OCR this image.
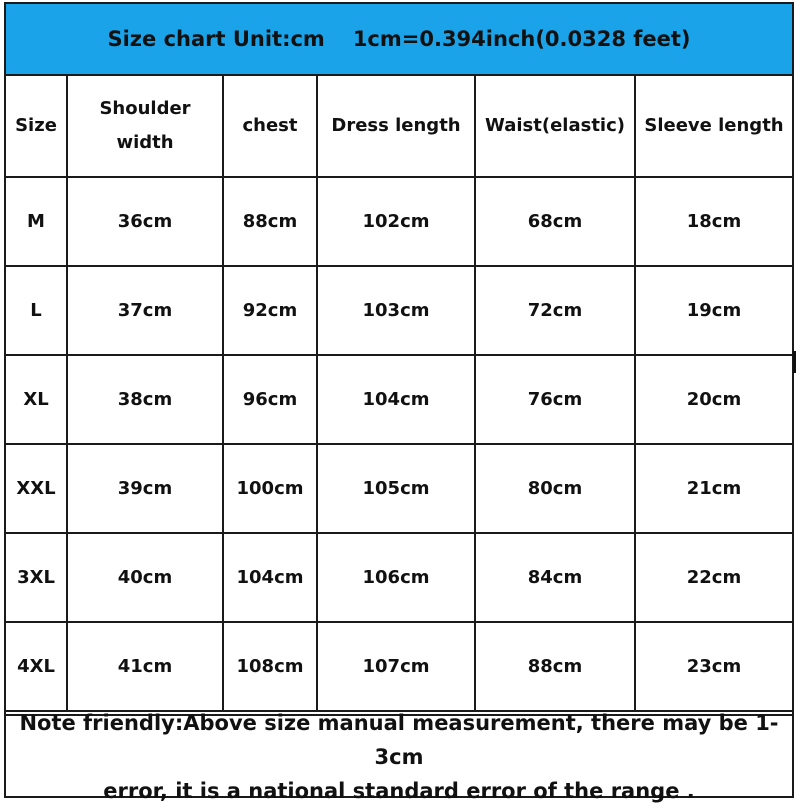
Size chart Unit:cm 1cm=0.394inch(0.0328 feet)
Size	Shoulder width	chest	Dress length	Waist(elastic)	Sleeve length
M	36cm	88cm	102cm	68cm	18cm
L	37cm	92cm	103cm	72cm	19cm
XL	38cm	96cm	104cm	76cm	20cm
XXL	39cm	100cm	105cm	80cm	21cm
3XL	40cm	104cm	106cm	84cm	22cm
4XL	41cm	108cm	107cm	88cm	23cm
Note friendly:Above size manual measurement, there may be 1-3cm
error, it is a national standard error of the range .
